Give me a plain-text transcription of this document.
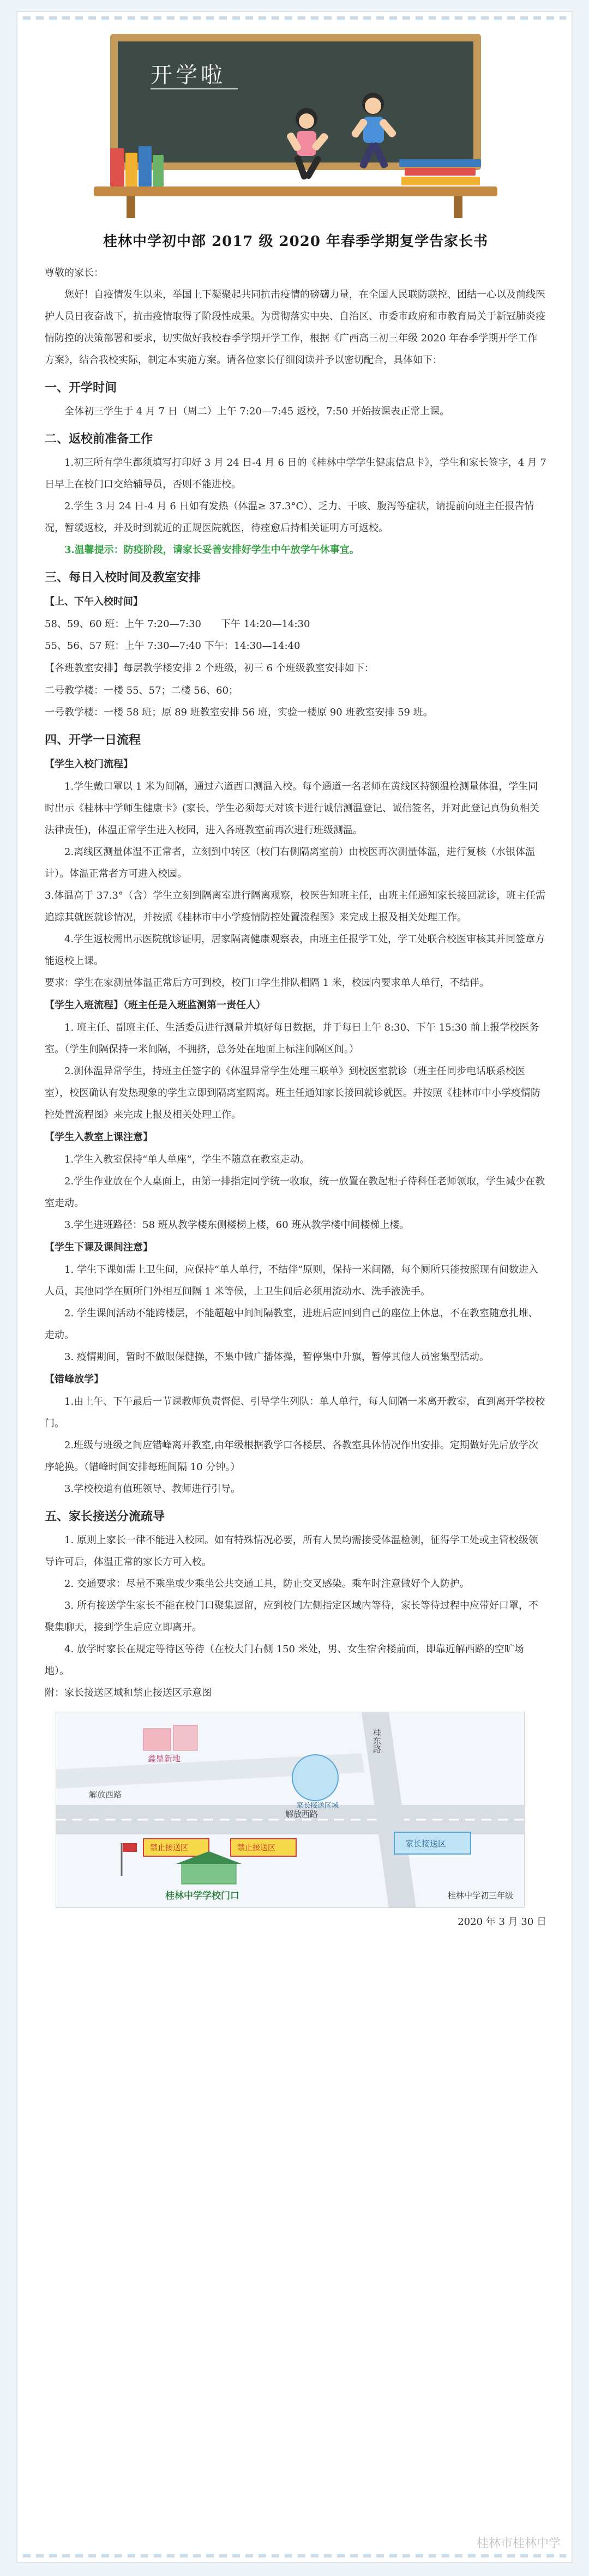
开学啦
桂林中学初中部 2017 级 2020 年春季学期复学告家长书

尊敬的家长：

您好！自疫情发生以来，举国上下凝聚起共同抗击疫情的磅礴力量，在全国人民联防联控、团结一心以及前线医护人员日夜奋战下，抗击疫情取得了阶段性成果。为贯彻落实中央、自治区、市委市政府和市教育局关于新冠肺炎疫情防控的决策部署和要求，切实做好我校春季学期开学工作，根据《广西高三初三年级 2020 年春季学期开学工作方案》，结合我校实际，制定本实施方案。请各位家长仔细阅读并予以密切配合，具体如下：

一、开学时间

全体初三学生于 4 月 7 日（周二）上午 7:20—7:45 返校，7:50 开始按课表正常上课。

二、返校前准备工作

1.初三所有学生都须填写打印好 3 月 24 日-4 月 6 日的《桂林中学学生健康信息卡》，学生和家长签字，4 月 7 日早上在校门口交给辅导员，否则不能进校。

2.学生 3 月 24 日-4 月 6 日如有发热（体温≥ 37.3°C）、乏力、干咳、腹泻等症状，请提前向班主任报告情况，暂缓返校，并及时到就近的正规医院就医，待痊愈后持相关证明方可返校。

3.温馨提示：防疫阶段，请家长妥善安排好学生中午放学午休事宜。

三、每日入校时间及教室安排
【上、下午入校时间】

58、59、60 班：上午 7:20—7:30　　下午 14:20—14:30

55、56、57 班：上午 7:30—7:40 下午：14:30—14:40

【各班教室安排】每层教学楼安排 2 个班级，初三 6 个班级教室安排如下：

二号教学楼：一楼 55、57；二楼 56、60；

一号教学楼：一楼 58 班；原 89 班教室安排 56 班，实验一楼原 90 班教室安排 59 班。

四、开学一日流程
【学生入校门流程】

1.学生戴口罩以 1 米为间隔，通过六道西口测温入校。每个通道一名老师在黄线区持额温枪测量体温，学生同时出示《桂林中学师生健康卡》(家长、学生必须每天对该卡进行诚信测温登记、诚信签名，并对此登记真伪负相关法律责任)，体温正常学生进入校园，进入各班教室前再次进行班级测温。

2.离线区测量体温不正常者，立刻到中转区（校门右侧隔离室前）由校医再次测量体温，进行复核（水银体温计）。体温正常者方可进入校园。

3.体温高于 37.3°（含）学生立刻到隔离室进行隔离观察，校医告知班主任，由班主任通知家长接回就诊，班主任需追踪其就医就诊情况，并按照《桂林市中小学疫情防控处置流程图》来完成上报及相关处理工作。

4.学生返校需出示医院就诊证明，居家隔离健康观察表，由班主任报学工处，学工处联合校医审核其并同签章方能返校上课。

要求：学生在家测量体温正常后方可到校，校门口学生排队相隔 1 米，校园内要求单人单行，不结伴。

【学生入班流程】（班主任是入班监测第一责任人）

1. 班主任、副班主任、生活委员进行测量并填好每日数据，并于每日上午 8:30、下午 15:30 前上报学校医务室。（学生间隔保持一米间隔，不拥挤，总务处在地面上标注间隔区间。）

2.测体温异常学生，持班主任签字的《体温异常学生处理三联单》到校医室就诊（班主任同步电话联系校医室），校医确认有发热现象的学生立即到隔离室隔离。班主任通知家长接回就诊就医。并按照《桂林市中小学疫情防控处置流程图》来完成上报及相关处理工作。

【学生入教室上课注意】

1.学生入教室保持“单人单座”，学生不随意在教室走动。

2.学生作业放在个人桌面上，由第一排指定同学统一收取，统一放置在教起柜子待科任老师领取，学生减少在教室走动。

3.学生进班路径：58 班从教学楼东侧楼梯上楼，60 班从教学楼中间楼梯上楼。

【学生下课及课间注意】

1. 学生下课如需上卫生间，应保持“单人单行，不结伴”原则，保持一米间隔，每个厕所只能按照现有间数进入人员，其他同学在厕所门外相互间隔 1 米等候，上卫生间后必须用流动水、洗手液洗手。

2. 学生课间活动不能跨楼层，不能超越中间间隔教室，进班后应回到自己的座位上休息，不在教室随意扎堆、走动。

3. 疫情期间，暂时不做眼保健操，不集中做广播体操，暂停集中升旗，暂停其他人员密集型活动。

【错峰放学】

1.由上午、下午最后一节课教师负责督促、引导学生列队：单人单行，每人间隔一米离开教室，直到离开学校校门。

2.班级与班级之间应错峰离开教室,由年级根据教学口各楼层、各教室具体情况作出安排。定期做好先后放学次序轮换。（错峰时间安排每班间隔 10 分钟。）

3.学校校道有值班领导、教师进行引导。

五、家长接送分流疏导

1. 原则上家长一律不能进入校园。如有特殊情况必要，所有人员均需接受体温检测，征得学工处或主管校级领导许可后，体温正常的家长方可入校。

2. 交通要求：尽量不乘坐或少乘坐公共交通工具，防止交叉感染。乘车时注意做好个人防护。

3. 所有接送学生家长不能在校门口聚集逗留，应到校门左侧指定区域内等待，家长等待过程中应带好口罩，不聚集聊天，接到学生后应立即离开。

4. 放学时家长在规定等待区等待（在校大门右侧 150 米处，男、女生宿舍楼前面，即靠近解西路的空旷场地）。

附：家长接送区域和禁止接送区示意图

鑫鼎新地
家长接送区域
解放西路
解放西路
桂东路
禁止接送区	禁止接送区	家长接送区
桂林中学学校门口	桂林中学初三年级
2020 年 3 月 30 日
桂林市桂林中学
